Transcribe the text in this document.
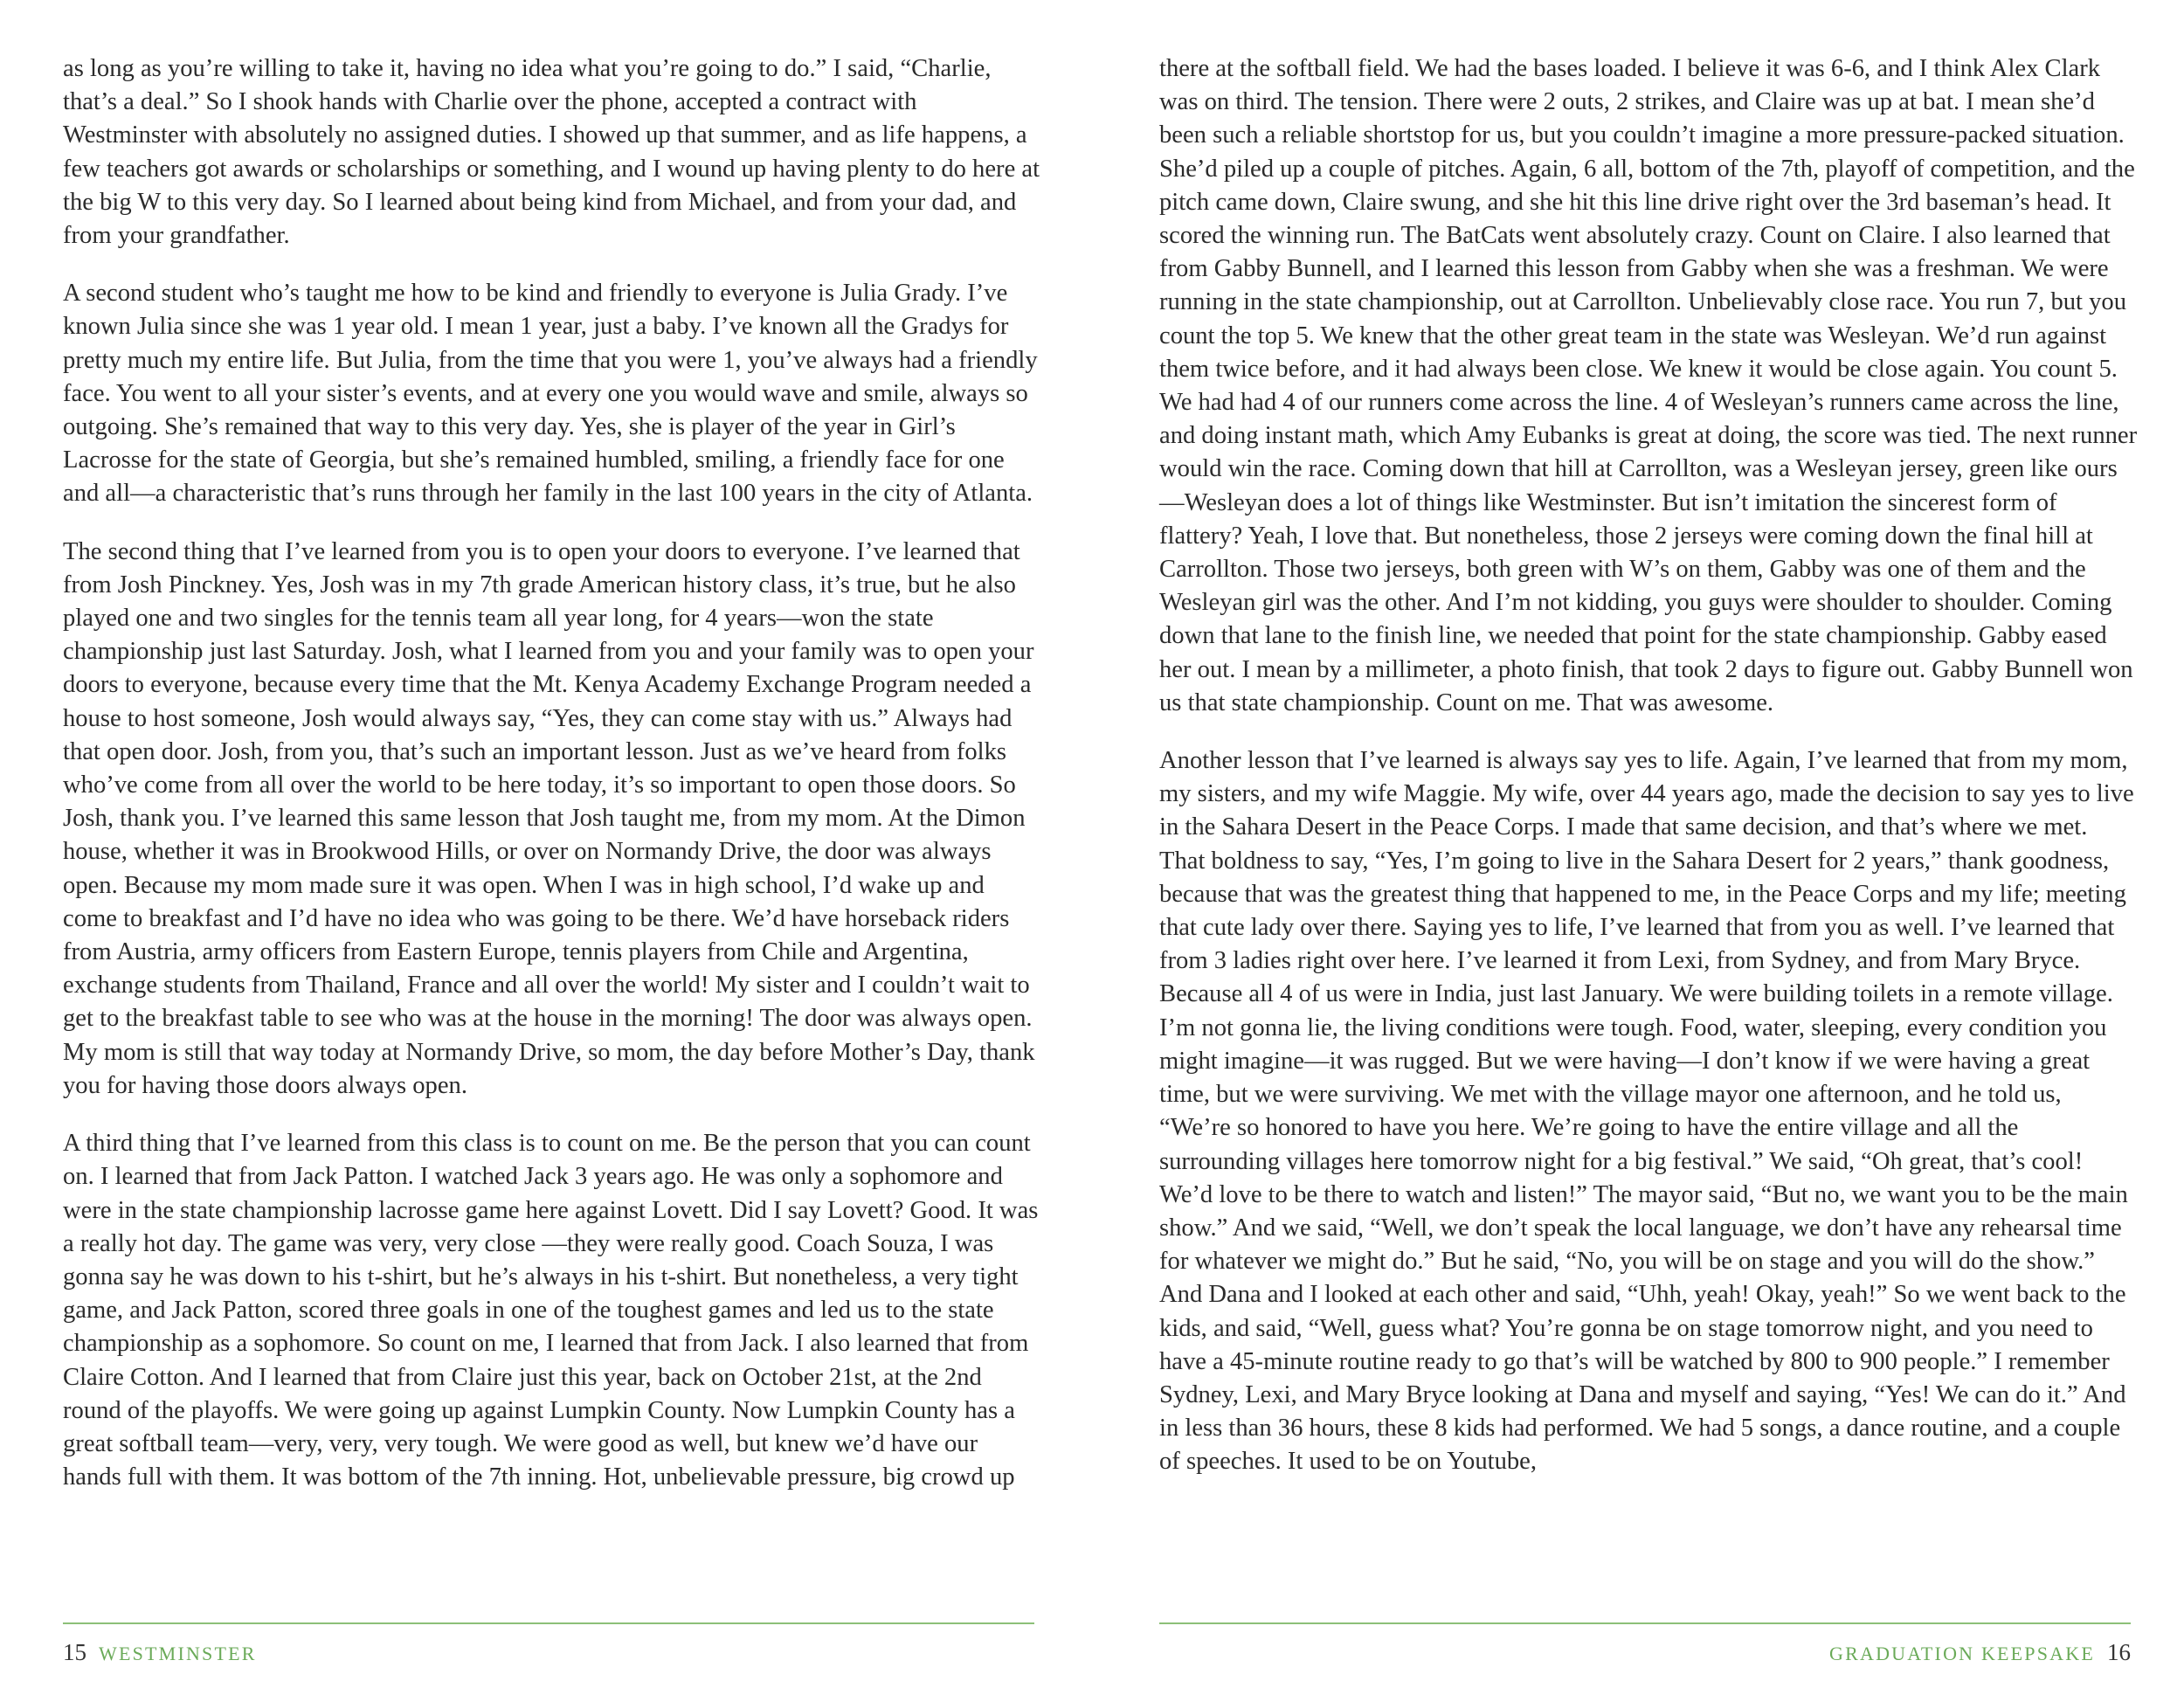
as long as you’re willing to take it, having no idea what you’re going to do.” I said, “Charlie, that’s a deal.” So I shook hands with Charlie over the phone, accepted a contract with Westminster with absolutely no assigned duties. I showed up that summer, and as life happens, a few teachers got awards or scholarships or something, and I wound up having plenty to do here at the big W to this very day. So I learned about being kind from Michael, and from your dad, and from your grandfather.

A second student who’s taught me how to be kind and friendly to everyone is Julia Grady. I’ve known Julia since she was 1 year old. I mean 1 year, just a baby. I’ve known all the Gradys for pretty much my entire life. But Julia, from the time that you were 1, you’ve always had a friendly face. You went to all your sister’s events, and at every one you would wave and smile, always so outgoing. She’s remained that way to this very day. Yes, she is player of the year in Girl’s Lacrosse for the state of Georgia, but she’s remained humbled, smiling, a friendly face for one and all—a characteristic that’s runs through her family in the last 100 years in the city of Atlanta.

The second thing that I’ve learned from you is to open your doors to everyone. I’ve learned that from Josh Pinckney. Yes, Josh was in my 7th grade American history class, it’s true, but he also played one and two singles for the tennis team all year long, for 4 years—won the state championship just last Saturday. Josh, what I learned from you and your family was to open your doors to everyone, because every time that the Mt. Kenya Academy Exchange Program needed a house to host someone, Josh would always say, “Yes, they can come stay with us.” Always had that open door. Josh, from you, that’s such an important lesson. Just as we’ve heard from folks who’ve come from all over the world to be here today, it’s so important to open those doors. So Josh, thank you. I’ve learned this same lesson that Josh taught me, from my mom. At the Dimon house, whether it was in Brookwood Hills, or over on Normandy Drive, the door was always open. Because my mom made sure it was open. When I was in high school, I’d wake up and come to breakfast and I’d have no idea who was going to be there. We’d have horseback riders from Austria, army officers from Eastern Europe, tennis players from Chile and Argentina, exchange students from Thailand, France and all over the world! My sister and I couldn’t wait to get to the breakfast table to see who was at the house in the morning! The door was always open. My mom is still that way today at Normandy Drive, so mom, the day before Mother’s Day, thank you for having those doors always open.

A third thing that I’ve learned from this class is to count on me. Be the person that you can count on. I learned that from Jack Patton. I watched Jack 3 years ago. He was only a sophomore and were in the state championship lacrosse game here against Lovett. Did I say Lovett? Good. It was a really hot day. The game was very, very close —they were really good. Coach Souza, I was gonna say he was down to his t-shirt, but he’s always in his t-shirt. But nonetheless, a very tight game, and Jack Patton, scored three goals in one of the toughest games and led us to the state championship as a sophomore. So count on me, I learned that from Jack. I also learned that from Claire Cotton. And I learned that from Claire just this year, back on October 21st, at the 2nd round of the playoffs. We were going up against Lumpkin County. Now Lumpkin County has a great softball team—very, very, very tough. We were good as well, but knew we’d have our hands full with them. It was bottom of the 7th inning. Hot, unbelievable pressure, big crowd up

there at the softball field. We had the bases loaded. I believe it was 6-6, and I think Alex Clark was on third. The tension. There were 2 outs, 2 strikes, and Claire was up at bat. I mean she’d been such a reliable shortstop for us, but you couldn’t imagine a more pressure-packed situation. She’d piled up a couple of pitches. Again, 6 all, bottom of the 7th, playoff of competition, and the pitch came down, Claire swung, and she hit this line drive right over the 3rd baseman’s head. It scored the winning run. The BatCats went absolutely crazy. Count on Claire. I also learned that from Gabby Bunnell, and I learned this lesson from Gabby when she was a freshman. We were running in the state championship, out at Carrollton. Unbelievably close race. You run 7, but you count the top 5. We knew that the other great team in the state was Wesleyan. We’d run against them twice before, and it had always been close. We knew it would be close again. You count 5. We had had 4 of our runners come across the line. 4 of Wesleyan’s runners came across the line, and doing instant math, which Amy Eubanks is great at doing, the score was tied. The next runner would win the race. Coming down that hill at Carrollton, was a Wesleyan jersey, green like ours—Wesleyan does a lot of things like Westminster. But isn’t imitation the sincerest form of flattery? Yeah, I love that. But nonetheless, those 2 jerseys were coming down the final hill at Carrollton. Those two jerseys, both green with W’s on them, Gabby was one of them and the Wesleyan girl was the other. And I’m not kidding, you guys were shoulder to shoulder. Coming down that lane to the finish line, we needed that point for the state championship. Gabby eased her out. I mean by a millimeter, a photo finish, that took 2 days to figure out. Gabby Bunnell won us that state championship. Count on me. That was awesome.

Another lesson that I’ve learned is always say yes to life. Again, I’ve learned that from my mom, my sisters, and my wife Maggie. My wife, over 44 years ago, made the decision to say yes to live in the Sahara Desert in the Peace Corps. I made that same decision, and that’s where we met. That boldness to say, “Yes, I’m going to live in the Sahara Desert for 2 years,” thank goodness, because that was the greatest thing that happened to me, in the Peace Corps and my life; meeting that cute lady over there. Saying yes to life, I’ve learned that from you as well. I’ve learned that from 3 ladies right over here. I’ve learned it from Lexi, from Sydney, and from Mary Bryce. Because all 4 of us were in India, just last January. We were building toilets in a remote village. I’m not gonna lie, the living conditions were tough. Food, water, sleeping, every condition you might imagine—it was rugged. But we were having—I don’t know if we were having a great time, but we were surviving. We met with the village mayor one afternoon, and he told us, “We’re so honored to have you here. We’re going to have the entire village and all the surrounding villages here tomorrow night for a big festival.” We said, “Oh great, that’s cool! We’d love to be there to watch and listen!” The mayor said, “But no, we want you to be the main show.” And we said, “Well, we don’t speak the local language, we don’t have any rehearsal time for whatever we might do.” But he said, “No, you will be on stage and you will do the show.” And Dana and I looked at each other and said, “Uhh, yeah! Okay, yeah!” So we went back to the kids, and said, “Well, guess what? You’re gonna be on stage tomorrow night, and you need to have a 45-minute routine ready to go that’s will be watched by 800 to 900 people.” I remember Sydney, Lexi, and Mary Bryce looking at Dana and myself and saying, “Yes! We can do it.” And in less than 36 hours, these 8 kids had performed. We had 5 songs, a dance routine, and a couple of speeches. It used to be on Youtube,

15 WESTMINSTER	GRADUATION KEEPSAKE 16
